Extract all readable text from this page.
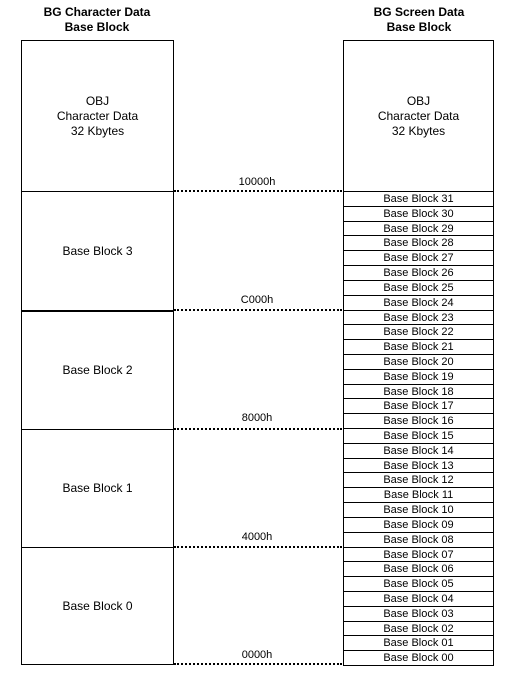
BG Character Data
Base Block
BG Screen Data
Base Block
OBJ
Character Data
32 Kbytes
Base Block 3
Base Block 2
Base Block 1
Base Block 0
OBJ
Character Data
32 Kbytes
10000h
C000h
8000h
4000h
0000h
Base Block 31
Base Block 30
Base Block 29
Base Block 28
Base Block 27
Base Block 26
Base Block 25
Base Block 24
Base Block 23
Base Block 22
Base Block 21
Base Block 20
Base Block 19
Base Block 18
Base Block 17
Base Block 16
Base Block 15
Base Block 14
Base Block 13
Base Block 12
Base Block 11
Base Block 10
Base Block 09
Base Block 08
Base Block 07
Base Block 06
Base Block 05
Base Block 04
Base Block 03
Base Block 02
Base Block 01
Base Block 00
